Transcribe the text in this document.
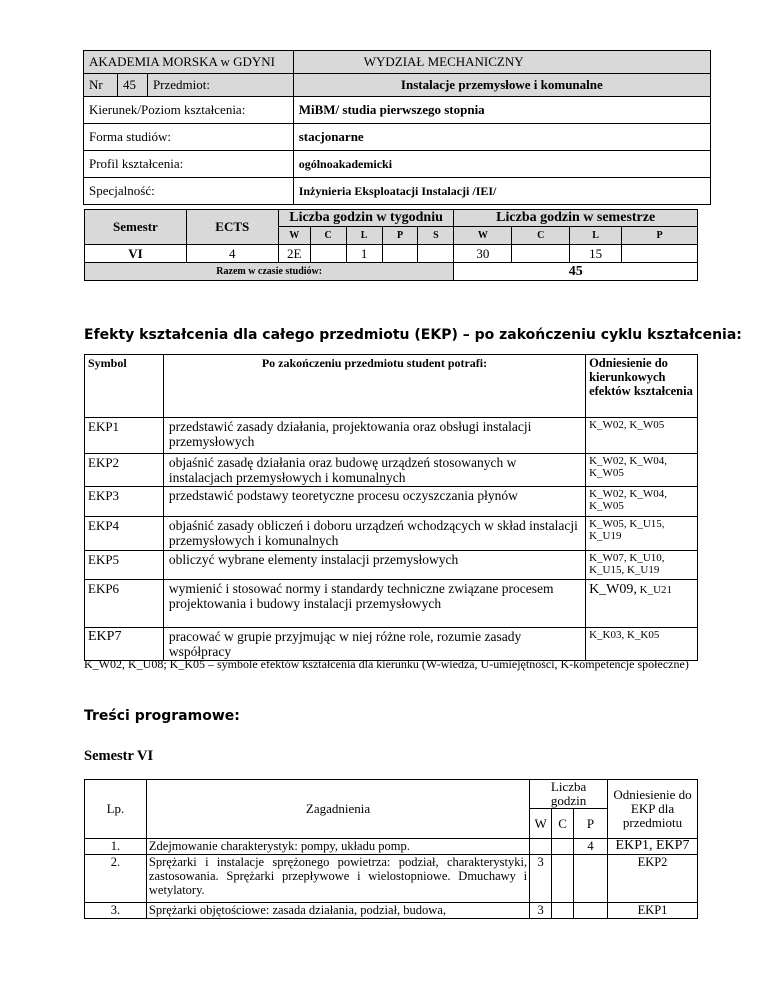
AKADEMIA MORSKA w GDYNI			WYDZIAŁ MECHANICZNY
Nr	45	Przedmiot:	Instalacje przemysłowe i komunalne
Kierunek/Poziom kształcenia:			MiBM/ studia pierwszego stopnia
Forma studiów:			stacjonarne
Profil kształcenia:			ogólnoakademicki
Specjalność:			Inżynieria Eksploatacji Instalacji /IEI/
Semestr	ECTS	Liczba godzin w tygodniu					Liczba godzin w semestrze			
		W	C	L	P	S	W	C	L	P
VI	4	2E		1			30		15	
Razem w czasie studiów:							45			
Efekty kształcenia dla całego przedmiotu (EKP) – po zakończeniu cyklu kształcenia:
Symbol	Po zakończeniu przedmiotu student potrafi:	Odniesienie do kierunkowych efektów kształcenia
EKP1	przedstawić zasady działania, projektowania oraz obsługi instalacji przemysłowych	K_W02, K_W05
EKP2	objaśnić zasadę działania oraz budowę urządzeń stosowanych w instalacjach przemysłowych i komunalnych	K_W02, K_W04, K_W05
EKP3	przedstawić podstawy teoretyczne procesu oczyszczania płynów	K_W02, K_W04, K_W05
EKP4	objaśnić zasady obliczeń i doboru urządzeń wchodzących w skład instalacji przemysłowych i komunalnych	K_W05, K_U15, K_U19
EKP5	obliczyć wybrane elementy instalacji przemysłowych	K_W07, K_U10, K_U15, K_U19
EKP6	wymienić i stosować normy i standardy techniczne związane procesem projektowania i budowy instalacji przemysłowych	K_W09, K_U21
EKP7	pracować w grupie przyjmując w niej różne role, rozumie zasady współpracy	K_K03, K_K05
K_W02, K_U08; K_K05 – symbole efektów kształcenia dla kierunku (W-wiedza, U-umiejętności, K-kompetencje społeczne)
Treści programowe:
Semestr VI
Lp.	Zagadnienia	Liczba godzin			Odniesienie do EKP dla przedmiotu
		W	C	P	
1.	Zdejmowanie charakterystyk: pompy, układu pomp.			4	EKP1, EKP7
2.	Sprężarki i instalacje sprężonego powietrza: podział, charakterystyki, zastosowania. Sprężarki przepływowe i wielostopniowe. Dmuchawy i wetylatory.	3			EKP2
3.	Sprężarki objętościowe: zasada działania, podział, budowa,	3			EKP1
